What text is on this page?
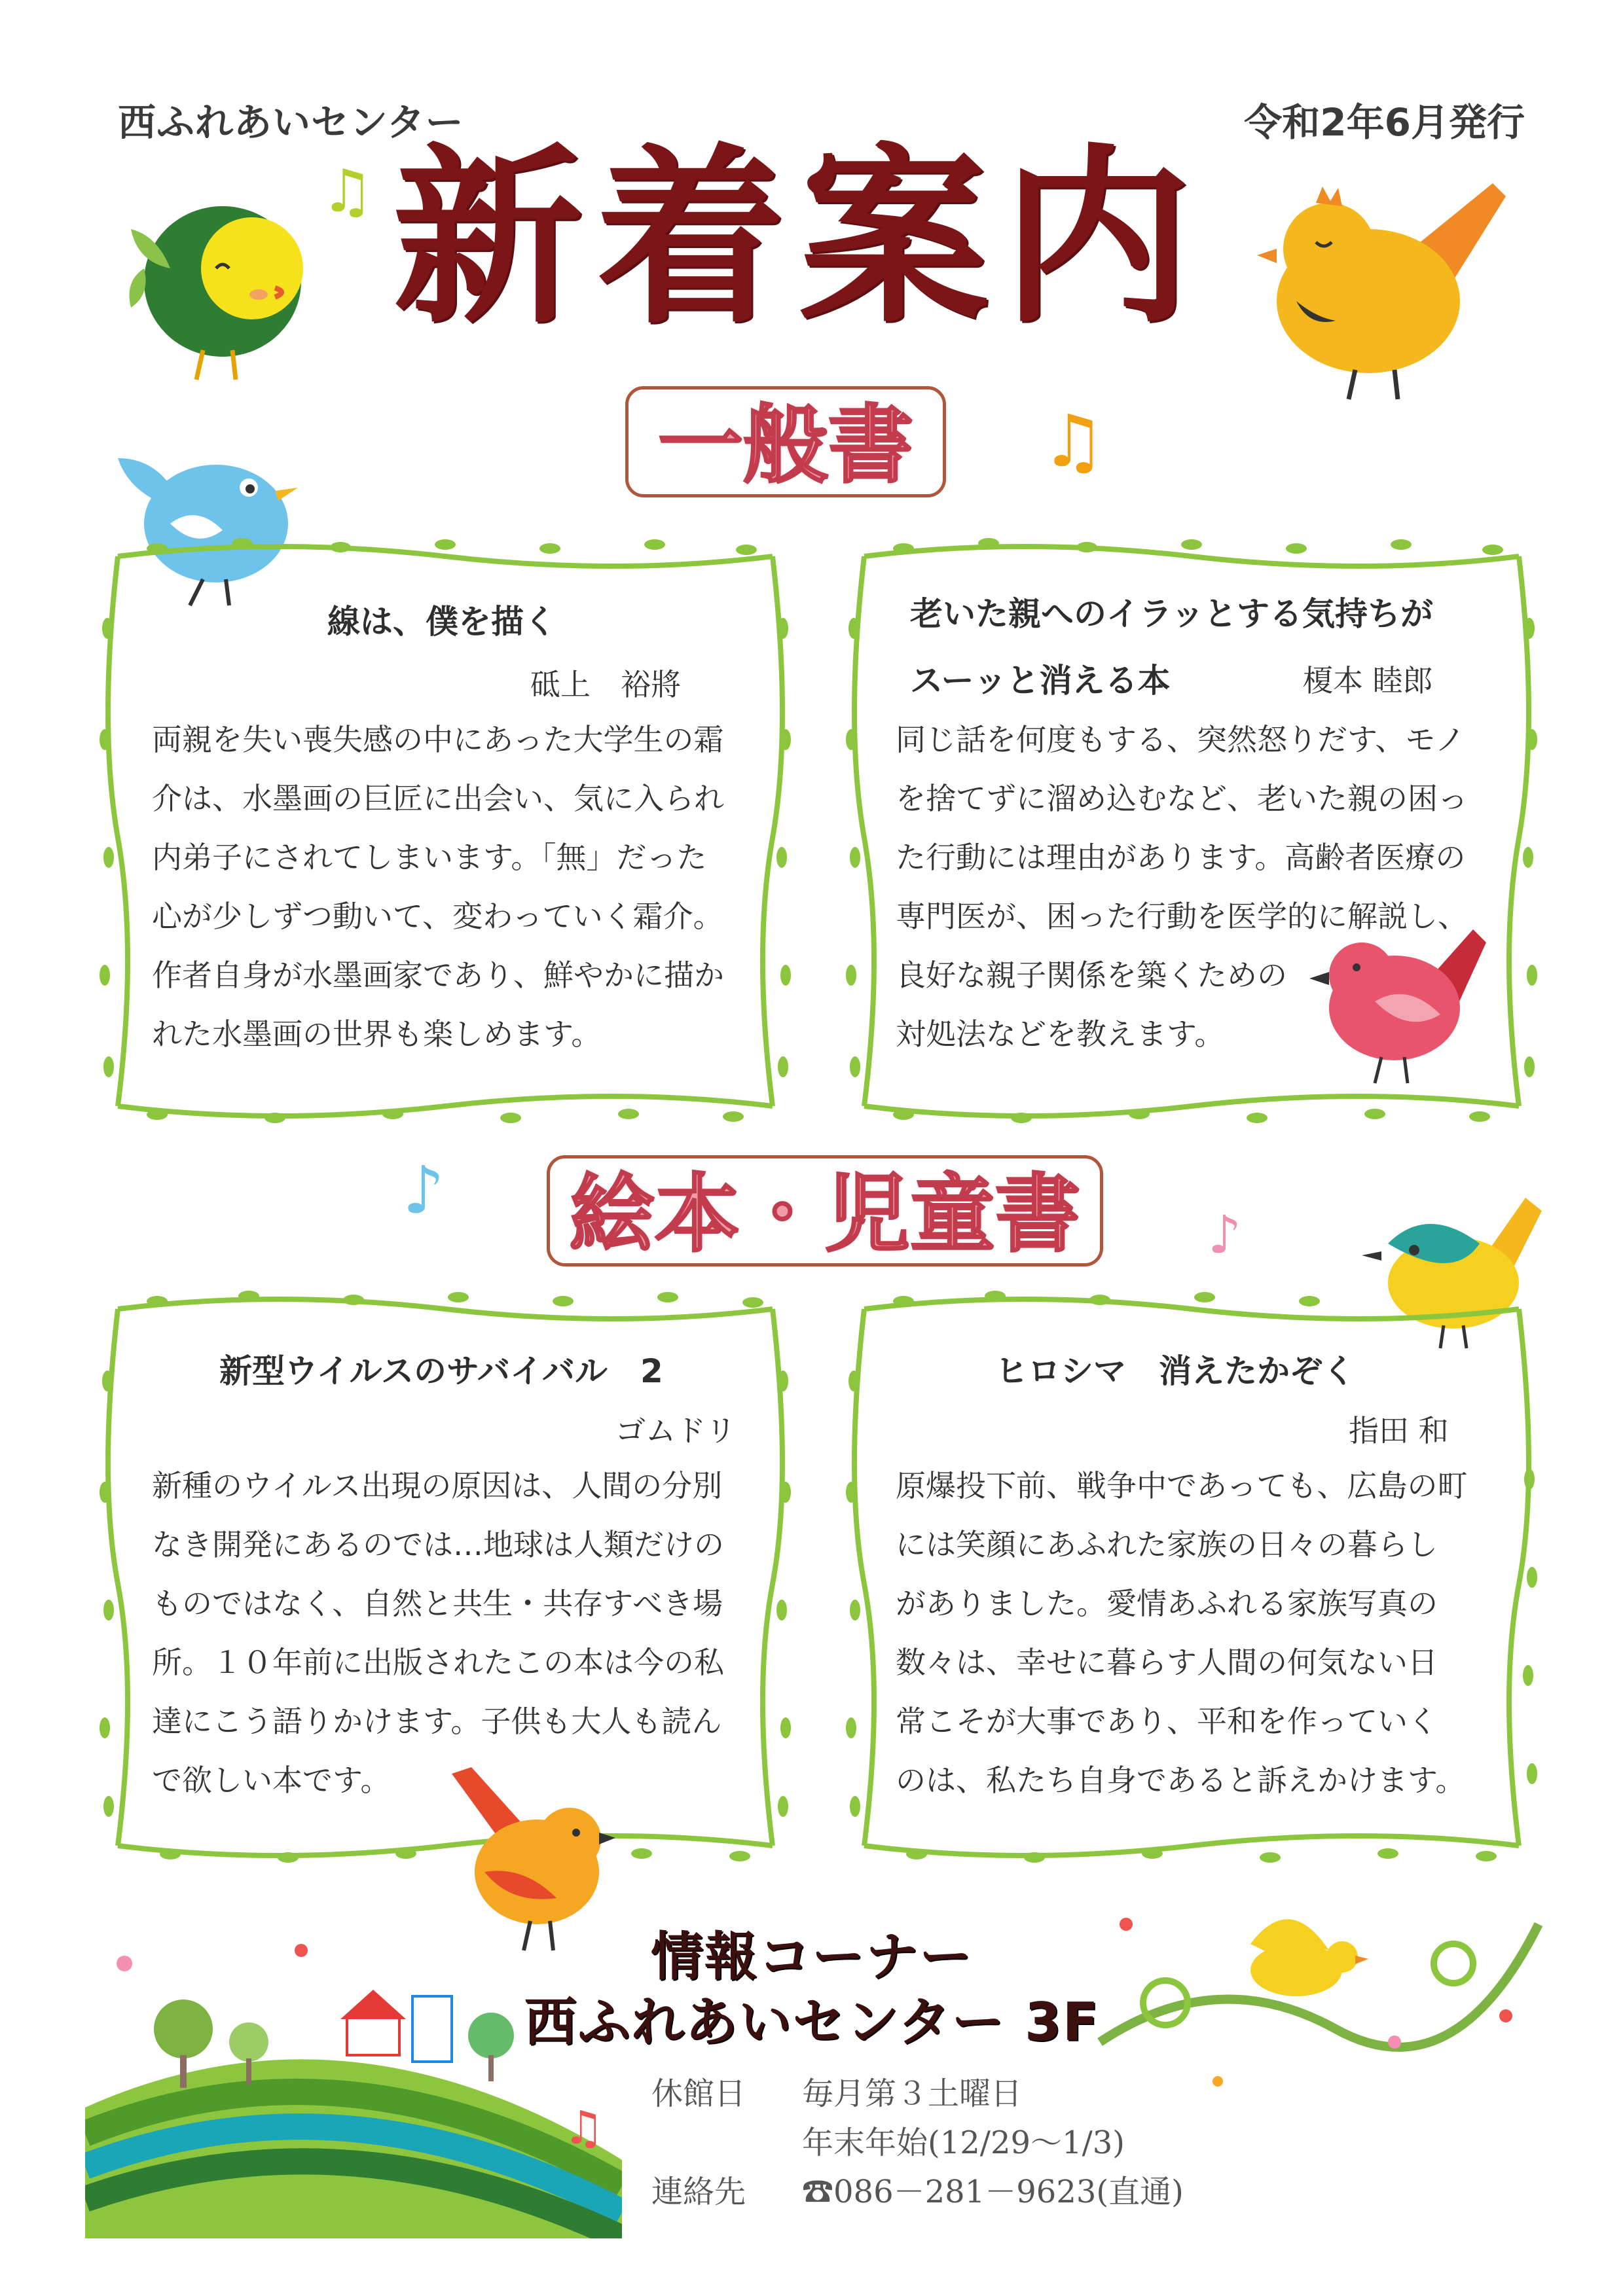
西ふれあいセンター	令和2年6月発行
新着案内
♫
♫
一般書
線は、僕を描く
砥上　裕將

両親を失い喪失感の中にあった大学生の霜

介は、水墨画の巨匠に出会い、気に入られ

内弟子にされてしまいます。「無」だった

心が少しずつ動いて、変わっていく霜介。

作者自身が水墨画家であり、鮮やかに描か

れた水墨画の世界も楽しめます。

老いた親へのイラッとする気持ちが
スーッと消える本	榎本 睦郎

同じ話を何度もする、突然怒りだす、モノ

を捨てずに溜め込むなど、老いた親の困っ

た行動には理由があります。高齢者医療の

専門医が、困った行動を医学的に解説し、

良好な親子関係を築くための

対処法などを教えます。

♪ 絵本・児童書	♪
新型ウイルスのサバイバル　2
ゴムドリ

新種のウイルス出現の原因は、人間の分別

なき開発にあるのでは…地球は人類だけの

ものではなく、自然と共生・共存すべき場

所。１０年前に出版されたこの本は今の私

達にこう語りかけます。子供も大人も読ん

で欲しい本です。

ヒロシマ　消えたかぞく
指田 和

原爆投下前、戦争中であっても、広島の町

には笑顔にあふれた家族の日々の暮らし

がありました。愛情あふれる家族写真の

数々は、幸せに暮らす人間の何気ない日

常こそが大事であり、平和を作っていく

のは、私たち自身であると訴えかけます。

♫
情報コーナー
西ふれあいセンター 3F
休館日 毎月第３土曜日
年末年始(12/29～1/3)
連絡先 ☎086－281－9623(直通)
